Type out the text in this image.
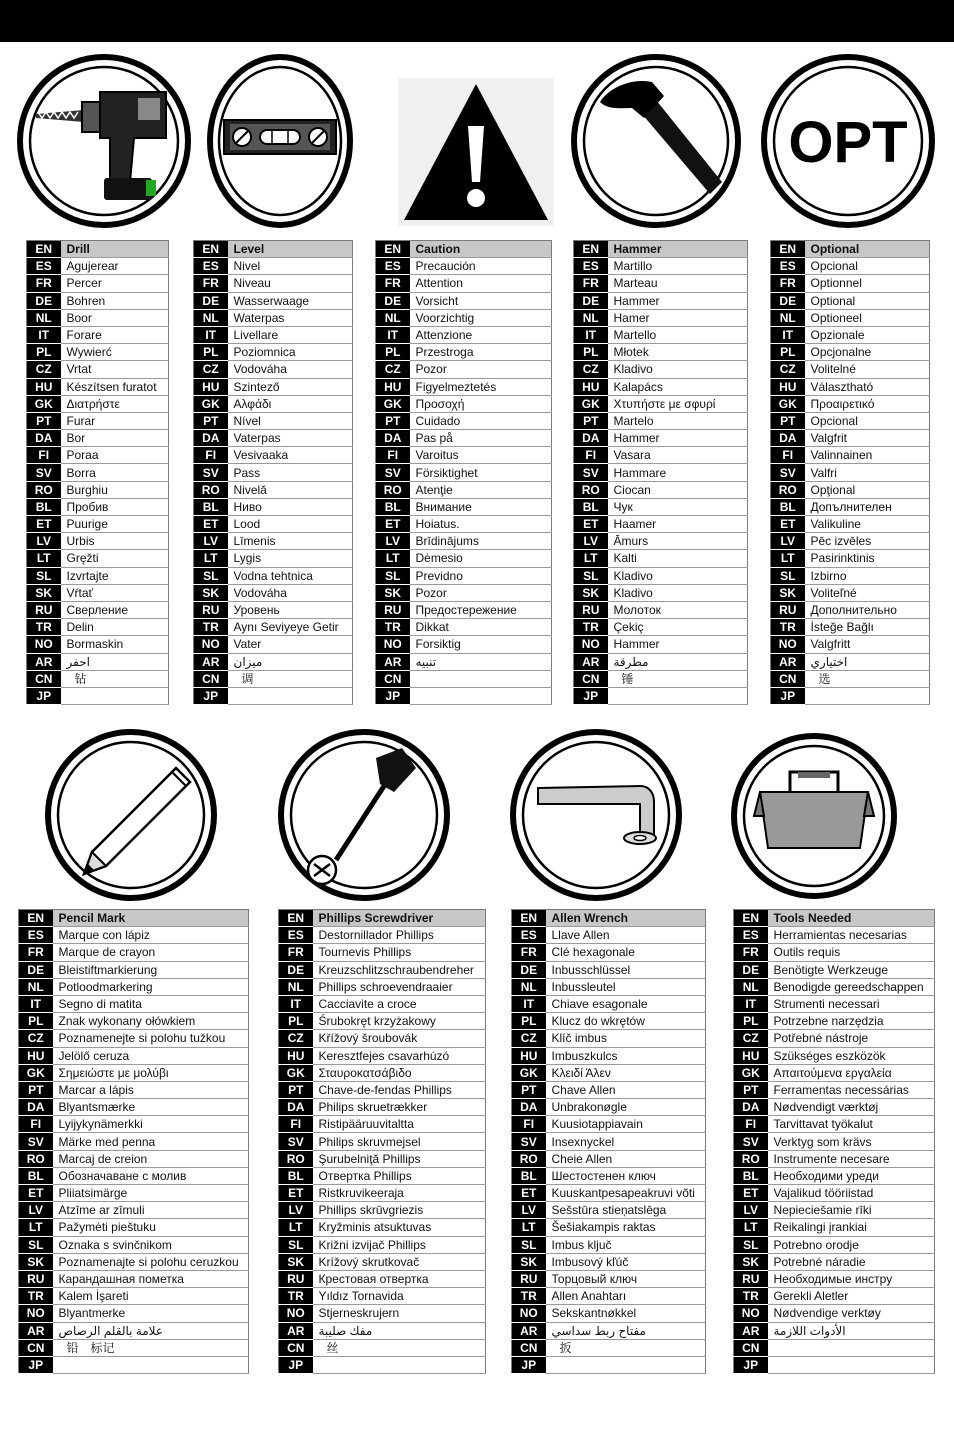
OPT
EN	Drill
ES	Agujerear
FR	Percer
DE	Bohren
NL	Boor
IT	Forare
PL	Wywierć
CZ	Vrtat
HU	Készítsen furatot
GK	Διατρήστε
PT	Furar
DA	Bor
FI	Poraa
SV	Borra
RO	Burghiu
BL	Пробив
ET	Puurige
LV	Urbis
LT	Gręžti
SL	Izvrtajte
SK	Vŕtať
RU	Сверление
TR	Delin
NO	Bormaskin
AR	احفر
CN	钻
JP	
EN	Level
ES	Nivel
FR	Niveau
DE	Wasserwaage
NL	Waterpas
IT	Livellare
PL	Poziomnica
CZ	Vodováha
HU	Szintező
GK	Αλφάδι
PT	Nível
DA	Vaterpas
FI	Vesivaaka
SV	Pass
RO	Nivelă
BL	Ниво
ET	Lood
LV	Līmenis
LT	Lygis
SL	Vodna tehtnica
SK	Vodováha
RU	Уровень
TR	Aynı Seviyeye Getir
NO	Vater
AR	ميزان
CN	调
JP	
EN	Caution
ES	Precaución
FR	Attention
DE	Vorsicht
NL	Voorzichtig
IT	Attenzione
PL	Przestroga
CZ	Pozor
HU	Figyelmeztetés
GK	Προσοχή
PT	Cuidado
DA	Pas på
FI	Varoitus
SV	Försiktighet
RO	Atenţie
BL	Внимание
ET	Hoiatus.
LV	Brīdinājums
LT	Dėmesio
SL	Previdno
SK	Pozor
RU	Предостережение
TR	Dikkat
NO	Forsiktig
AR	تنبيه
CN	
JP	
EN	Hammer
ES	Martillo
FR	Marteau
DE	Hammer
NL	Hamer
IT	Martello
PL	Młotek
CZ	Kladivo
HU	Kalapács
GK	Χτυπήστε με σφυρί
PT	Martelo
DA	Hammer
FI	Vasara
SV	Hammare
RO	Ciocan
BL	Чук
ET	Haamer
LV	Āmurs
LT	Kalti
SL	Kladivo
SK	Kladivo
RU	Молоток
TR	Çekiç
NO	Hammer
AR	مطرقة
CN	锤
JP	
EN	Optional
ES	Opcional
FR	Optionnel
DE	Optional
NL	Optioneel
IT	Opzionale
PL	Opcjonalne
CZ	Volitelné
HU	Választható
GK	Προαιρετικό
PT	Opcional
DA	Valgfrit
FI	Valinnainen
SV	Valfri
RO	Opţional
BL	Допълнителен
ET	Valikuline
LV	Pēc izvēles
LT	Pasirinktinis
SL	Izbirno
SK	Voliteľné
RU	Дополнительно
TR	İsteğe Bağlı
NO	Valgfritt
AR	اختياري
CN	选
JP	
EN	Pencil Mark
ES	Marque con lápiz
FR	Marque de crayon
DE	Bleistiftmarkierung
NL	Potloodmarkering
IT	Segno di matita
PL	Znak wykonany ołówkiem
CZ	Poznamenejte si polohu tužkou
HU	Jelölő ceruza
GK	Σημειώστε με μολύβι
PT	Marcar a lápis
DA	Blyantsmærke
FI	Lyijykynämerkki
SV	Märke med penna
RO	Marcaj de creion
BL	Обозначаване с молив
ET	Pliiatsimärge
LV	Atzīme ar zīmuli
LT	Pažymėti pieštuku
SL	Oznaka s svinčnikom
SK	Poznamenajte si polohu ceruzkou
RU	Карандашная пометка
TR	Kalem İşareti
NO	Blyantmerke
AR	علامة بالقلم الرصاص
CN	铅　标记
JP	
EN	Phillips Screwdriver
ES	Destornillador Phillips
FR	Tournevis Phillips
DE	Kreuzschlitzschraubendreher
NL	Phillips schroevendraaier
IT	Cacciavite a croce
PL	Śrubokręt krzyżakowy
CZ	Křížový šroubovák
HU	Keresztfejes csavarhúzó
GK	Σταυροκατσάβιδο
PT	Chave-de-fendas Phillips
DA	Philips skruetrækker
FI	Ristipääruuvitaltta
SV	Philips skruvmejsel
RO	Şurubelniţă Phillips
BL	Отвертка Phillips
ET	Ristkruvikeeraja
LV	Phillips skrūvgriezis
LT	Kryžminis atsuktuvas
SL	Križni izvijač Phillips
SK	Krížový skrutkovač
RU	Крестовая отвертка
TR	Yıldız Tornavida
NO	Stjerneskrujern
AR	مفك صليبة
CN	丝
JP	
EN	Allen Wrench
ES	Llave Allen
FR	Clé hexagonale
DE	Inbusschlüssel
NL	Inbussleutel
IT	Chiave esagonale
PL	Klucz do wkrętów
CZ	Klíč imbus
HU	Imbuszkulcs
GK	Κλειδί Άλεν
PT	Chave Allen
DA	Unbrakonøgle
FI	Kuusiotappiavain
SV	Insexnyckel
RO	Cheie Allen
BL	Шестостенен ключ
ET	Kuuskantpesapeakruvi võti
LV	Sešstūra stieņatslēga
LT	Šešiakampis raktas
SL	Imbus ključ
SK	Imbusový kľúč
RU	Торцовый ключ
TR	Allen Anahtarı
NO	Sekskantnøkkel
AR	مفتاح ربط سداسي
CN	扳
JP	
EN	Tools Needed
ES	Herramientas necesarias
FR	Outils requis
DE	Benötigte Werkzeuge
NL	Benodigde gereedschappen
IT	Strumenti necessari
PL	Potrzebne narzędzia
CZ	Potřebné nástroje
HU	Szükséges eszközök
GK	Απαιτούμενα εργαλεία
PT	Ferramentas necessárias
DA	Nødvendigt værktøj
FI	Tarvittavat työkalut
SV	Verktyg som krävs
RO	Instrumente necesare
BL	Необходими уреди
ET	Vajalikud tööriistad
LV	Nepieciešamie rīki
LT	Reikalingi įrankiai
SL	Potrebno orodje
SK	Potrebné náradie
RU	Необходимые инстру
TR	Gerekli Aletler
NO	Nødvendige verktøy
AR	الأدوات اللازمة
CN	
JP	
